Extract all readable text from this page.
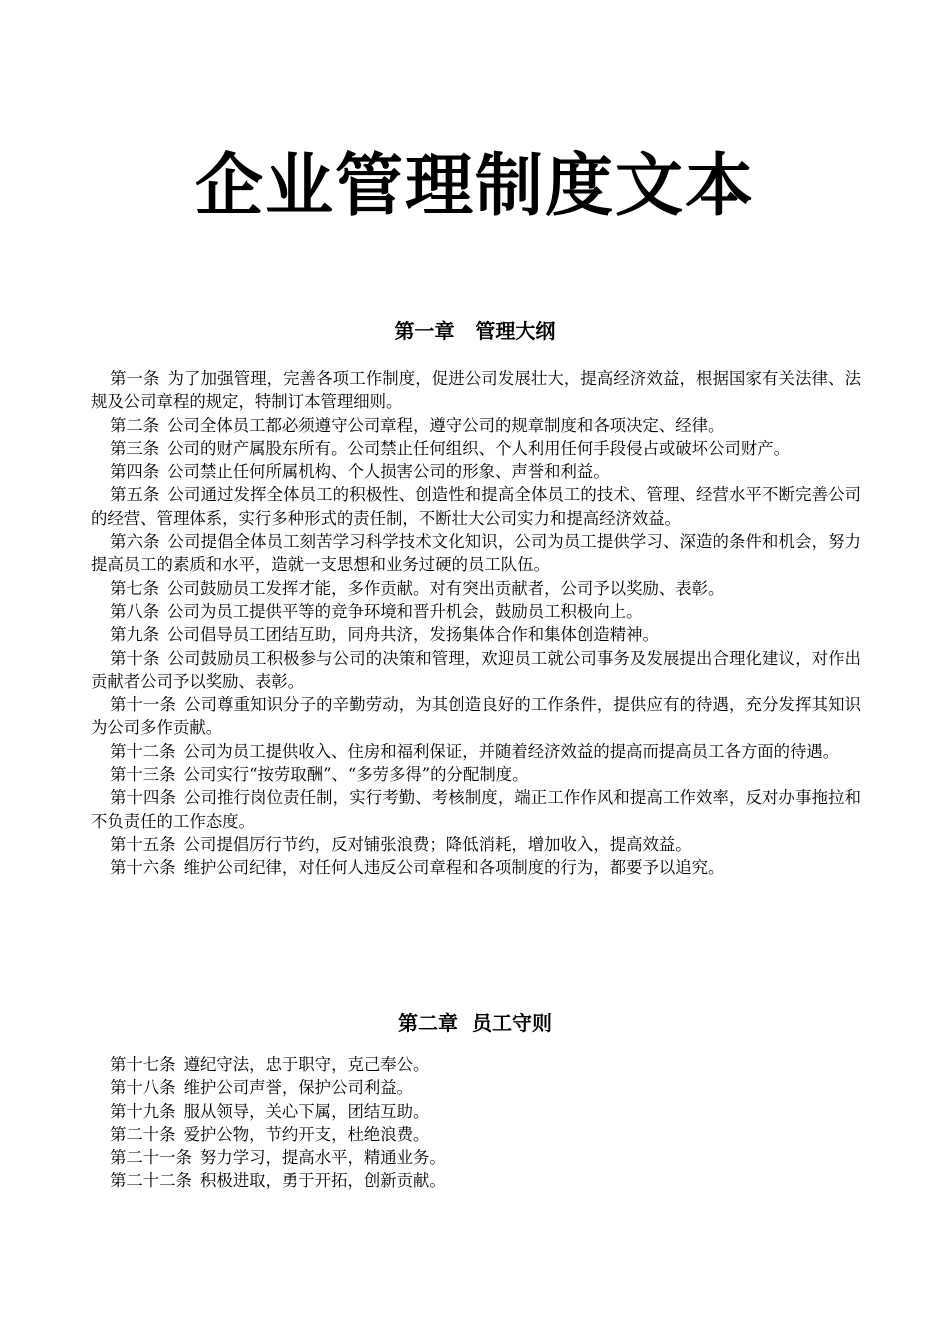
企业管理制度文本
第一章   管理大纲

第一条 为了加强管理，完善各项工作制度，促进公司发展壮大，提高经济效益，根据国家有关法律、法规及公司章程的规定，特制订本管理细则。

第二条 公司全体员工都必须遵守公司章程，遵守公司的规章制度和各项决定、经律。

第三条 公司的财产属股东所有。公司禁止任何组织、个人利用任何手段侵占或破坏公司财产。

第四条 公司禁止任何所属机构、个人损害公司的形象、声誉和利益。

第五条 公司通过发挥全体员工的积极性、创造性和提高全体员工的技术、管理、经营水平不断完善公司的经营、管理体系，实行多种形式的责任制，不断壮大公司实力和提高经济效益。

第六条 公司提倡全体员工刻苦学习科学技术文化知识，公司为员工提供学习、深造的条件和机会，努力提高员工的素质和水平，造就一支思想和业务过硬的员工队伍。

第七条 公司鼓励员工发挥才能，多作贡献。对有突出贡献者，公司予以奖励、表彰。

第八条 公司为员工提供平等的竞争环境和晋升机会，鼓励员工积极向上。

第九条 公司倡导员工团结互助，同舟共济，发扬集体合作和集体创造精神。

第十条 公司鼓励员工积极参与公司的决策和管理，欢迎员工就公司事务及发展提出合理化建议，对作出贡献者公司予以奖励、表彰。

第十一条 公司尊重知识分子的辛勤劳动，为其创造良好的工作条件，提供应有的待遇，充分发挥其知识为公司多作贡献。

第十二条 公司为员工提供收入、住房和福利保证，并随着经济效益的提高而提高员工各方面的待遇。

第十三条 公司实行“按劳取酬”、“多劳多得”的分配制度。

第十四条 公司推行岗位责任制，实行考勤、考核制度，端正工作作风和提高工作效率，反对办事拖拉和不负责任的工作态度。

第十五条 公司提倡厉行节约，反对铺张浪费；降低消耗，增加收入，提高效益。

第十六条 维护公司纪律，对任何人违反公司章程和各项制度的行为，都要予以追究。

第二章  员工守则

第十七条 遵纪守法，忠于职守，克己奉公。

第十八条 维护公司声誉，保护公司利益。

第十九条 服从领导，关心下属，团结互助。

第二十条 爱护公物，节约开支，杜绝浪费。

第二十一条 努力学习，提高水平，精通业务。

第二十二条 积极进取，勇于开拓，创新贡献。
